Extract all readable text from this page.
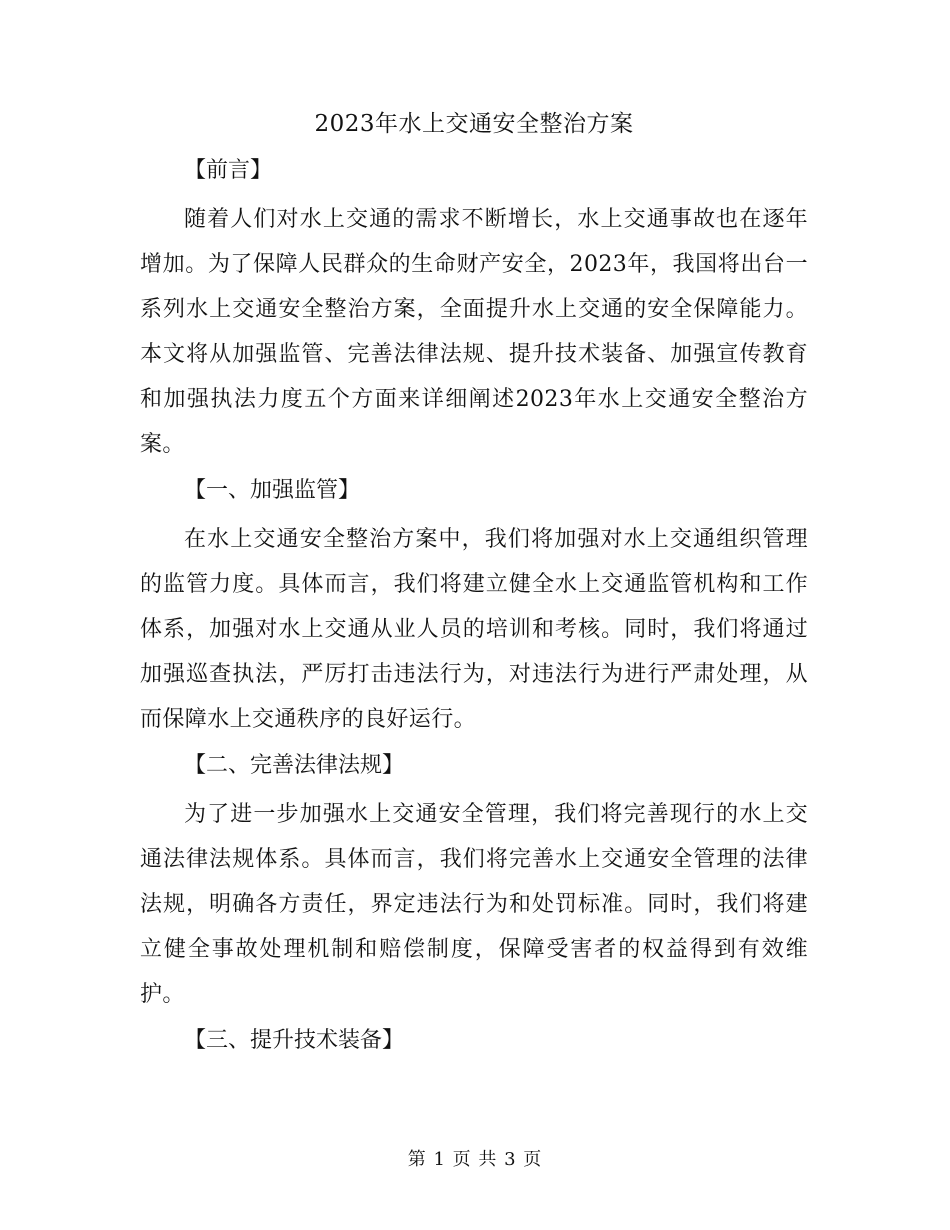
2023年水上交通安全整治方案
【前言】

随着人们对水上交通的需求不断增长，水上交通事故也在逐年增加。为了保障人民群众的生命财产安全，2023年，我国将出台一系列水上交通安全整治方案，全面提升水上交通的安全保障能力。本文将从加强监管、完善法律法规、提升技术装备、加强宣传教育和加强执法力度五个方面来详细阐述2023年水上交通安全整治方案。

【一、加强监管】

在水上交通安全整治方案中，我们将加强对水上交通组织管理的监管力度。具体而言，我们将建立健全水上交通监管机构和工作体系，加强对水上交通从业人员的培训和考核。同时，我们将通过加强巡查执法，严厉打击违法行为，对违法行为进行严肃处理，从而保障水上交通秩序的良好运行。

【二、完善法律法规】

为了进一步加强水上交通安全管理，我们将完善现行的水上交通法律法规体系。具体而言，我们将完善水上交通安全管理的法律法规，明确各方责任，界定违法行为和处罚标准。同时，我们将建立健全事故处理机制和赔偿制度，保障受害者的权益得到有效维护。

【三、提升技术装备】
第 1 页 共 3 页
